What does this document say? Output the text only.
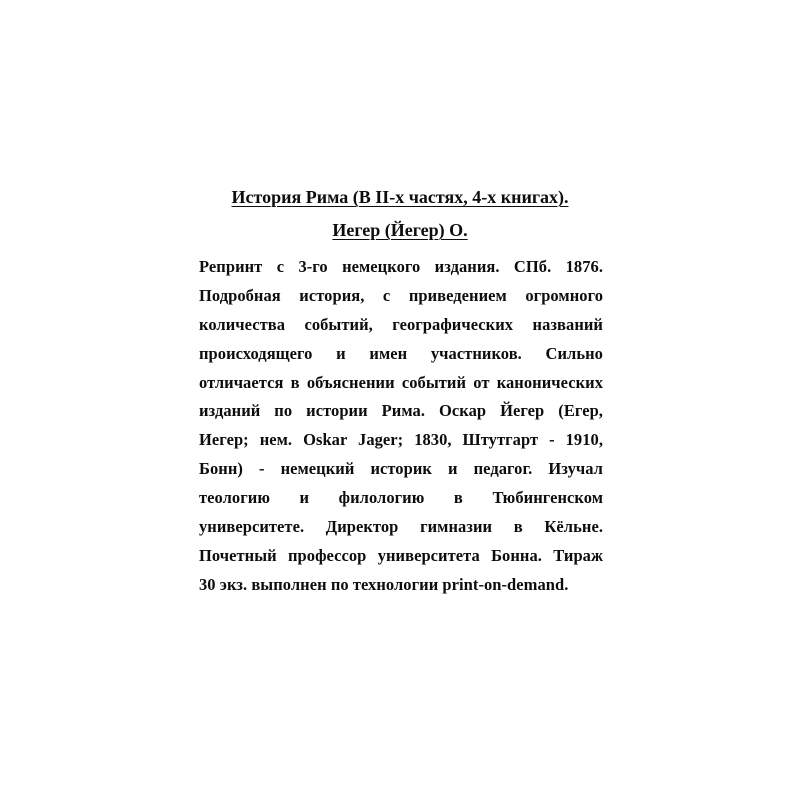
История Рима (В II-х частях, 4-х книгах).
Иегер (Йегер) О.
Репринт с 3-го немецкого издания. СПб. 1876.
Подробная история, с приведением огромного
количества событий, географических названий
происходящего и имен участников. Сильно
отличается в объяснении событий от канонических
изданий по истории Рима. Оскар Йегер (Егер,
Иегер; нем. Oskar Jager; 1830, Штутгарт - 1910,
Бонн) - немецкий историк и педагог. Изучал
теологию и филологию в Тюбингенском
университете. Директор гимназии в Кёльне.
Почетный профессор университета Бонна. Тираж
30 экз. выполнен по технологии print-on-demand.
